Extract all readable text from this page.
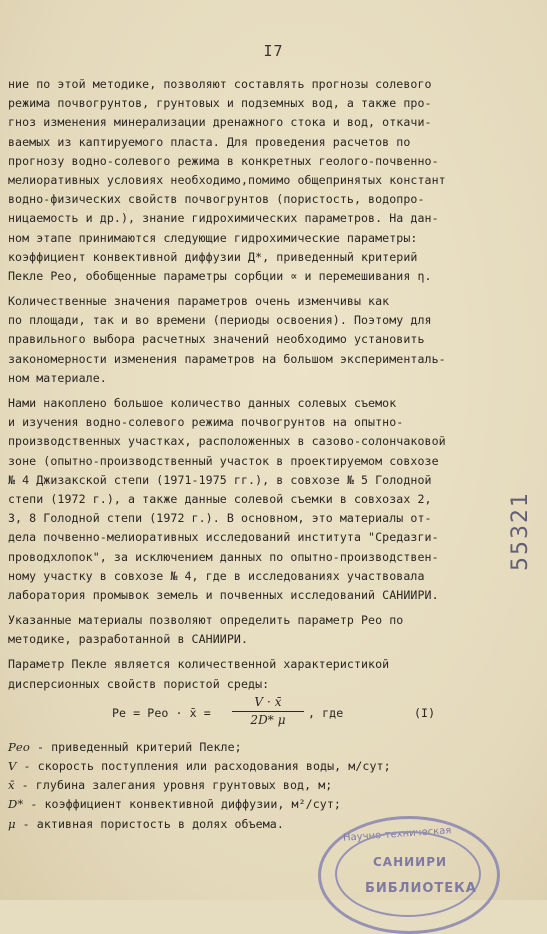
I7
ние по этой методике, позволяют составлять прогнозы солевого
режима почвогрунтов, грунтовых и подземных вод, а также про-
гноз изменения минерализации дренажного стока и вод, откачи-
ваемых из каптируемого пласта. Для проведения расчетов по
прогнозу водно-солевого режима в конкретных геолого-почвенно-
мелиоративных условиях необходимо,помимо общепринятых констант
водно-физических свойств почвогрунтов (пористость, водопро-
ницаемость и др.), знание гидрохимических параметров. На дан-
ном этапе принимаются следующие гидрохимические параметры:
коэффициент конвективной диффузии Д*, приведенный критерий
Пекле Рео, обобщенные параметры сорбции ∝ и перемешивания η.
Количественные значения параметров очень изменчивы как
по площади, так и во времени (периоды освоения). Поэтому для
правильного выбора расчетных значений необходимо установить
закономерности изменения параметров на большом эксперименталь-
ном материале.
Нами накоплено большое количество данных солевых съемок
и изучения водно-солевого режима почвогрунтов на опытно-
производственных участках, расположенных в сазово-солончаковой
зоне (опытно-производственный участок в проектируемом совхозе
№ 4 Джизакской степи (1971-1975 гг.), в совхозе № 5 Голодной
степи (1972 г.), а также данные солевой съемки в совхозах 2,
3, 8 Голодной степи (1972 г.). В основном, это материалы от-
дела почвенно-мелиоративных исследований института "Средазги-
проводхлопок", за исключением данных по опытно-производствен-
ному участку в совхозе № 4, где в исследованиях участвовала
лаборатория промывок земель и почвенных исследований САНИИРИ.
Указанные материалы позволяют определить параметр Рео по
методике, разработанной в САНИИРИ.
Параметр Пекле является количественной характеристикой
дисперсионных свойств пористой среды:
Pe = Peo · x̄ = $\frac{V \cdot x̄}{2D* \mu}$ , где	(I)
Рео - приведенный критерий Пекле;
V - скорость поступления или расходования воды, м/сут;
x̄ - глубина залегания уровня грунтовых вод, м;
D* - коэффициент конвективной диффузии, м²/сут;
μ - активная пористость в долях объема.
55321
Научно-техническая
САНИИРИ
БИБЛИОТЕКА
